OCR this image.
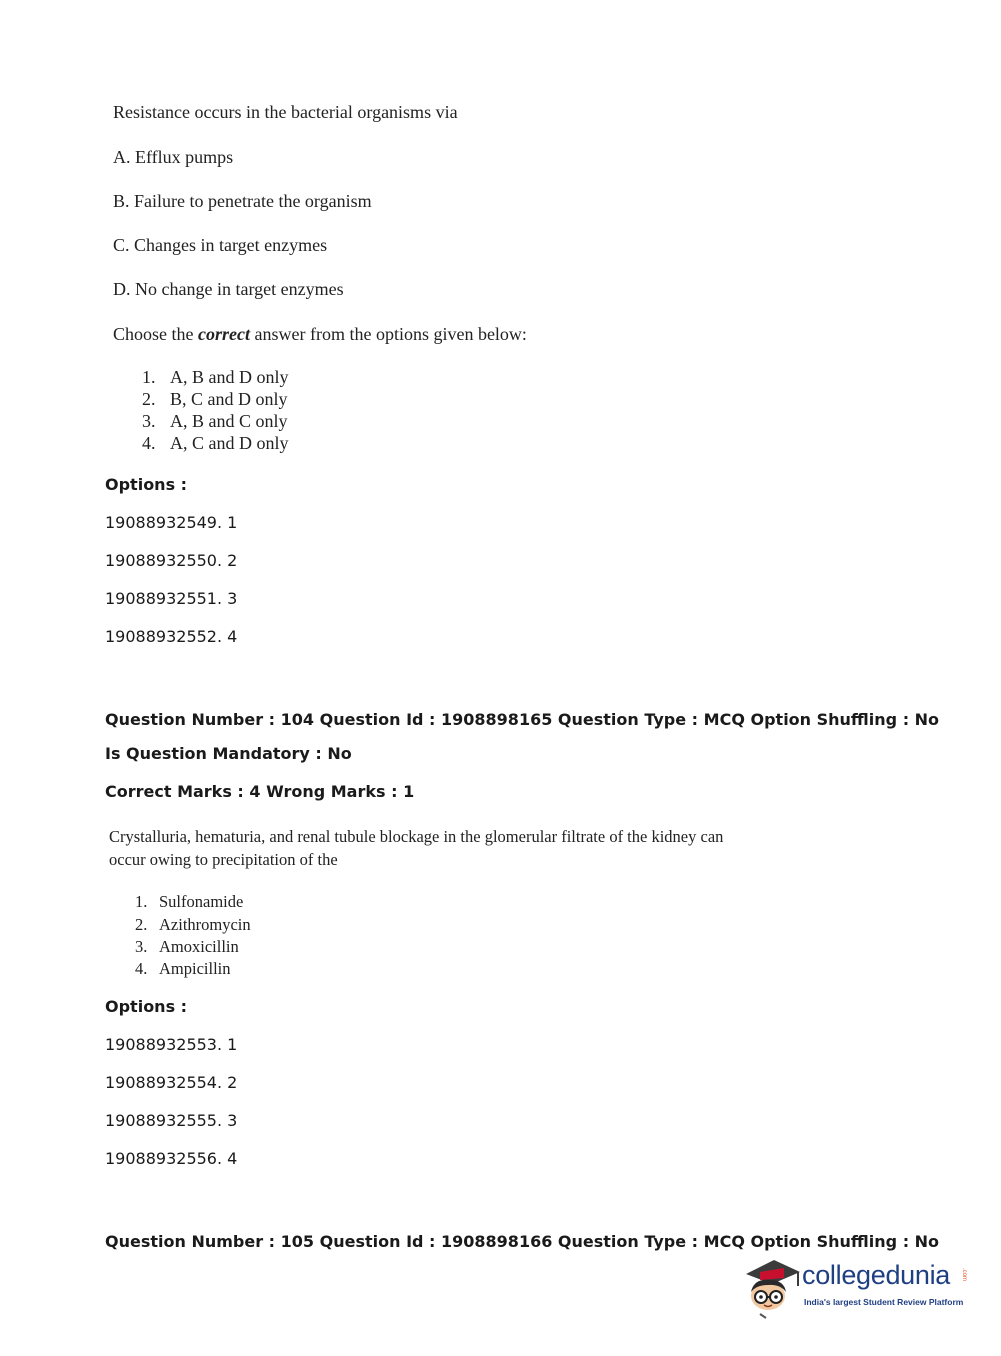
Resistance occurs in the bacterial organisms via
A. Efflux pumps
B. Failure to penetrate the organism
C. Changes in target enzymes
D. No change in target enzymes
Choose the correct answer from the options given below:
1. A, B and D only
2. B, C and D only
3. A, B and C only
4. A, C and D only
Options :
19088932549. 1
19088932550. 2
19088932551. 3
19088932552. 4
Question Number : 104 Question Id : 1908898165 Question Type : MCQ Option Shuffling : No
Is Question Mandatory : No
Correct Marks : 4 Wrong Marks : 1
Crystalluria, hematuria, and renal tubule blockage in the glomerular filtrate of the kidney can
occur owing to precipitation of the
1. Sulfonamide
2. Azithromycin
3. Amoxicillin
4. Ampicillin
Options :
19088932553. 1
19088932554. 2
19088932555. 3
19088932556. 4
Question Number : 105 Question Id : 1908898166 Question Type : MCQ Option Shuffling : No
collegedunia .com
India's largest Student Review Platform
